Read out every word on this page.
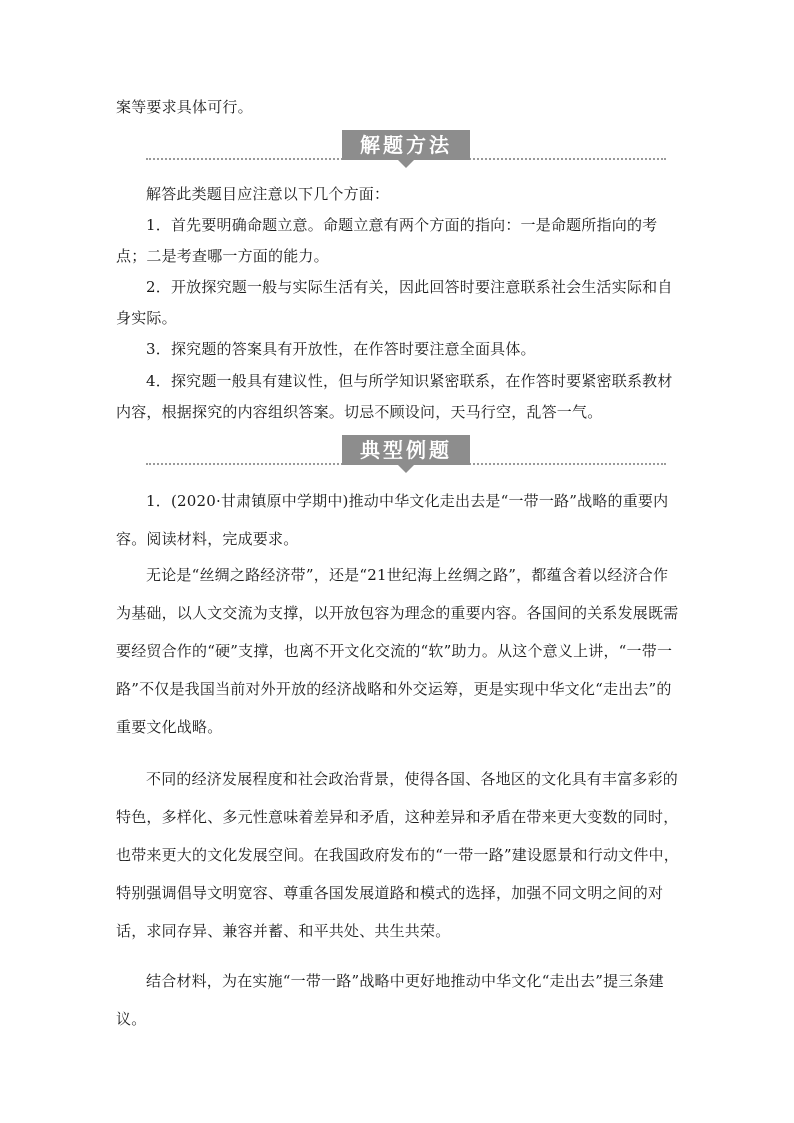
案等要求具体可行。

解题方法

解答此类题目应注意以下几个方面：

1．首先要明确命题立意。命题立意有两个方面的指向：一是命题所指向的考点；二是考查哪一方面的能力。

2．开放探究题一般与实际生活有关，因此回答时要注意联系社会生活实际和自身实际。

3．探究题的答案具有开放性，在作答时要注意全面具体。

4．探究题一般具有建议性，但与所学知识紧密联系，在作答时要紧密联系教材内容，根据探究的内容组织答案。切忌不顾设问，天马行空，乱答一气。

典型例题

1．(2020·甘肃镇原中学期中)推动中华文化走出去是“一带一路”战略的重要内容。阅读材料，完成要求。

无论是“丝绸之路经济带”，还是“21世纪海上丝绸之路”，都蕴含着以经济合作为基础，以人文交流为支撑，以开放包容为理念的重要内容。各国间的关系发展既需要经贸合作的“硬”支撑，也离不开文化交流的“软”助力。从这个意义上讲，“一带一路”不仅是我国当前对外开放的经济战略和外交运筹，更是实现中华文化“走出去”的重要文化战略。

不同的经济发展程度和社会政治背景，使得各国、各地区的文化具有丰富多彩的特色，多样化、多元性意味着差异和矛盾，这种差异和矛盾在带来更大变数的同时，也带来更大的文化发展空间。在我国政府发布的“一带一路”建设愿景和行动文件中，特别强调倡导文明宽容、尊重各国发展道路和模式的选择，加强不同文明之间的对话，求同存异、兼容并蓄、和平共处、共生共荣。

结合材料，为在实施“一带一路”战略中更好地推动中华文化“走出去”提三条建议。
